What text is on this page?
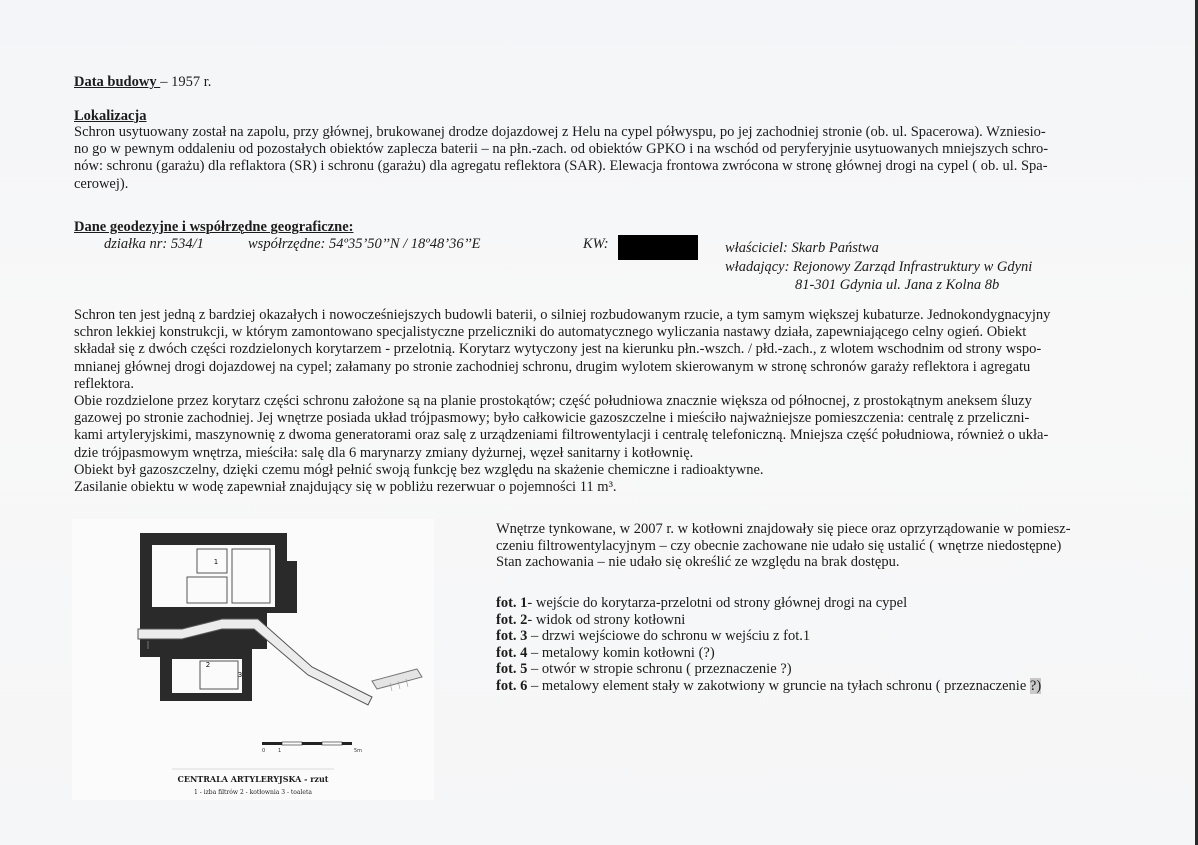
Data budowy – 1957 r.
Lokalizacja
Schron usytuowany został na zapolu, przy głównej, brukowanej drodze dojazdowej z Helu na cypel półwyspu, po jej zachodniej stronie (ob. ul. Spacerowa). Wzniesio-
no go w pewnym oddaleniu od pozostałych obiektów zaplecza baterii – na płn.-zach. od obiektów GPKO i na wschód od peryferyjnie usytuowanych mniejszych schro-
nów: schronu (garażu) dla reflaktora (SR) i schronu (garażu) dla agregatu reflektora (SAR). Elewacja frontowa zwrócona w stronę głównej drogi na cypel ( ob. ul. Spa-
cerowej).
Dane geodezyjne i współrzędne geograficzne:
działka nr: 534/1	współrzędne: 54º35’50’’N / 18º48’36’’E	KW:	właściciel: Skarb Państwa
władający: Rejonowy Zarząd Infrastruktury w Gdyni
81-301 Gdynia ul. Jana z Kolna 8b
Schron ten jest jedną z bardziej okazałych i nowocześniejszych budowli baterii, o silniej rozbudowanym rzucie, a tym samym większej kubaturze. Jednokondygnacyjny
schron lekkiej konstrukcji, w którym zamontowano specjalistyczne przeliczniki do automatycznego wyliczania nastawy działa, zapewniającego celny ogień. Obiekt
składał się z dwóch części rozdzielonych korytarzem - przelotnią. Korytarz wytyczony jest na kierunku płn.-wszch. / płd.-zach., z wlotem wschodnim od strony wspo-
mnianej głównej drogi dojazdowej na cypel; załamany po stronie zachodniej schronu, drugim wylotem skierowanym w stronę schronów garaży reflektora i agregatu
reflektora.
Obie rozdzielone przez korytarz części schronu założone są na planie prostokątów; część południowa znacznie większa od północnej, z prostokątnym aneksem śluzy
gazowej po stronie zachodniej. Jej wnętrze posiada układ trójpasmowy; było całkowicie gazoszczelne i mieściło najważniejsze pomieszczenia: centralę z przeliczni-
kami artyleryjskimi, maszynownię z dwoma generatorami oraz salę z urządzeniami filtrowentylacji i centralę telefoniczną. Mniejsza część południowa, również o ukła-
dzie trójpasmowym wnętrza, mieściła: salę dla 6 marynarzy zmiany dyżurnej, węzeł sanitarny i kotłownię.
Obiekt był gazoszczelny, dzięki czemu mógł pełnić swoją funkcję bez względu na skażenie chemiczne i radioaktywne.
Zasilanie obiektu w wodę zapewniał znajdujący się w pobliżu rezerwuar o pojemności 11 m³.
1
2
3
0	1	5m
CENTRALA ARTYLERYJSKA - rzut
1 - izba filtrów 2 - kotłownia 3 - toaleta
Wnętrze tynkowane, w 2007 r. w kotłowni znajdowały się piece oraz oprzyrządowanie w pomiesz-
czeniu filtrowentylacyjnym – czy obecnie zachowane nie udało się ustalić ( wnętrze niedostępne)
Stan zachowania – nie udało się określić ze względu na brak dostępu.
fot. 1- wejście do korytarza-przelotni od strony głównej drogi na cypel
fot. 2- widok od strony kotłowni
fot. 3 – drzwi wejściowe do schronu w wejściu z fot.1
fot. 4 – metalowy komin kotłowni (?)
fot. 5 – otwór w stropie schronu ( przeznaczenie ?)
fot. 6 – metalowy element stały w zakotwiony w gruncie na tyłach schronu ( przeznaczenie ?)
